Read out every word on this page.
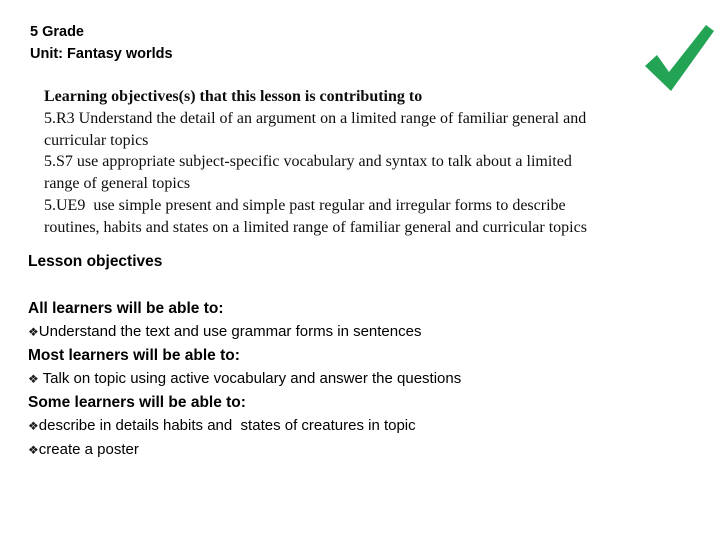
5 Grade
Unit: Fantasy worlds
Learning objectives(s) that this lesson is contributing to
5.R3 Understand the detail of an argument on a limited range of familiar general and
curricular topics
5.S7 use appropriate subject-specific vocabulary and syntax to talk about a limited
range of general topics
5.UE9  use simple present and simple past regular and irregular forms to describe
routines, habits and states on a limited range of familiar general and curricular topics
Lesson objectives
All learners will be able to:
❖Understand the text and use grammar forms in sentences
Most learners will be able to:
❖ Talk on topic using active vocabulary and answer the questions
Some learners will be able to:
❖describe in details habits and  states of creatures in topic
❖create a poster
